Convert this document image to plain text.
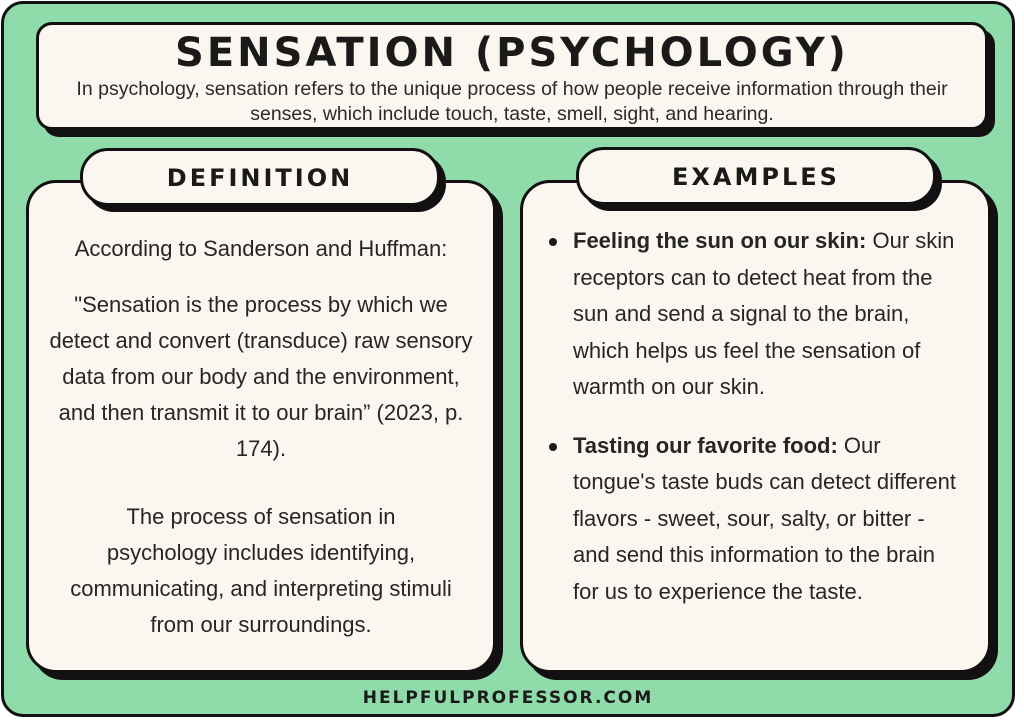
SENSATION (PSYCHOLOGY)

In psychology, sensation refers to the unique process of how people receive information through their senses, which include touch, taste, smell, sight, and hearing.

According to Sanderson and Huffman:

"Sensation is the process by which we detect and convert (transduce) raw sensory data from our body and the environment, and then transmit it to our brain” (2023, p. 174).

The process of sensation in psychology includes identifying, communicating, and interpreting stimuli from our surroundings.

Feeling the sun on our skin: Our skin receptors can to detect heat from the sun and send a signal to the brain, which helps us feel the sensation of warmth on our skin.
Tasting our favorite food: Our tongue's taste buds can detect different flavors - sweet, sour, salty, or bitter - and send this information to the brain for us to experience the taste.
DEFINITION	EXAMPLES
HELPFULPROFESSOR.COM
